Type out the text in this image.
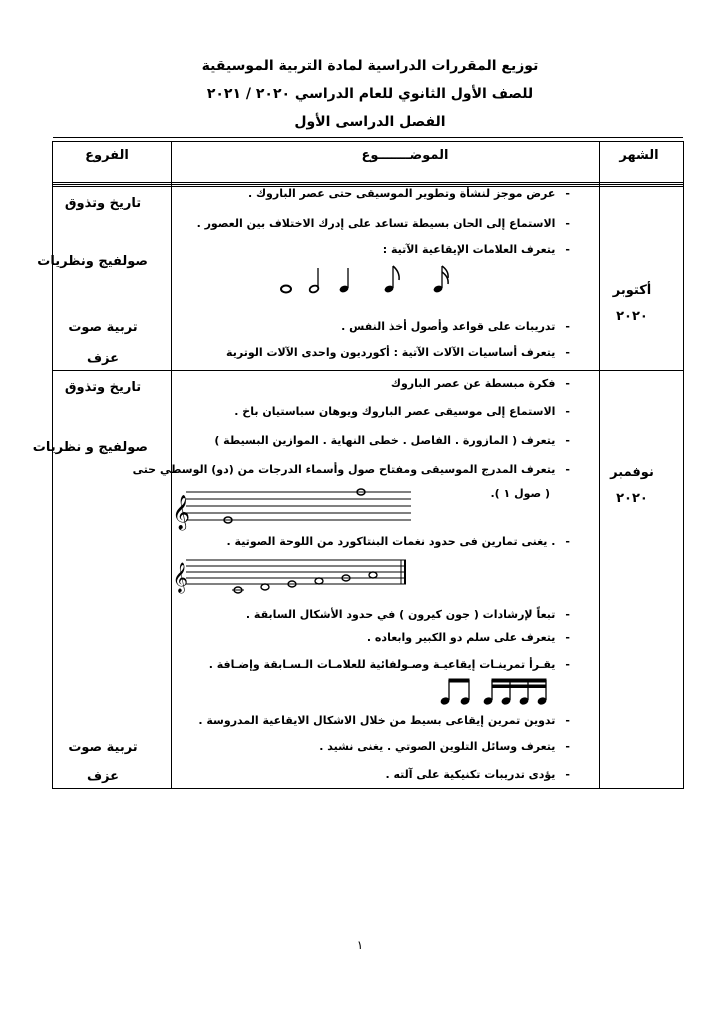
توزيع المقررات الدراسية لمادة التربية الموسيقية
للصف الأول الثانوي للعام الدراسي ٢٠٢٠ / ٢٠٢١
الفصل الدراسى الأول
الشهر
الموضـــــــوع
الفروع
أكتوبر
٢٠٢٠
تاريخ وتذوق
صولفيج ونظريات
تربية صوت
عزف
-عرض موجز لنشأة وتطوير الموسيقى حتى عصر الباروك .
-الاستماع إلى الحان بسيطة تساعد على إدرك الاختلاف بين العصور .
-يتعرف العلامات الإيقاعية الآتية :
-تدريبات على قواعد وأصول أخذ النفس .
-يتعرف أساسيات الآلات الآتية : أكورديون واحدى الآلات الوترية
نوفمبر
٢٠٢٠
تاريخ وتذوق
صولفيج و نظريات
تربية صوت
عزف
-فكرة مبسطة عن عصر الباروك
-الاستماع إلى موسيقى عصر الباروك ويوهان سباستيان باخ .
-يتعرف ( المازورة . الفاصل . خطى النهاية . الموازين البسيطة )
-يتعرف المدرج الموسيقى ومفتاح صول وأسماء الدرجات من (دو) الوسطي حتى
( صول ١ ).
𝄞
-. يغنى تمارين فى حدود نغمات البنتاكورد من اللوحة الصوتية .
𝄞
-تبعاً لإرشادات ( جون كيرون ) في حدود الأشكال السابقة .
-يتعرف على سلم دو الكبير وابعاده .
-يقـرأ تمرينـات إيقاعيـة وصـولفائية للعلامـات الـسـابقة وإضـافة .
-تدوين تمرين إيقاعى بسيط من خلال الاشكال الايقاعية المدروسة .
-يتعرف وسائل التلوين الصوتي . يغنى نشيد .
-يؤدى تدريبات تكنيكية على آلته .
١
